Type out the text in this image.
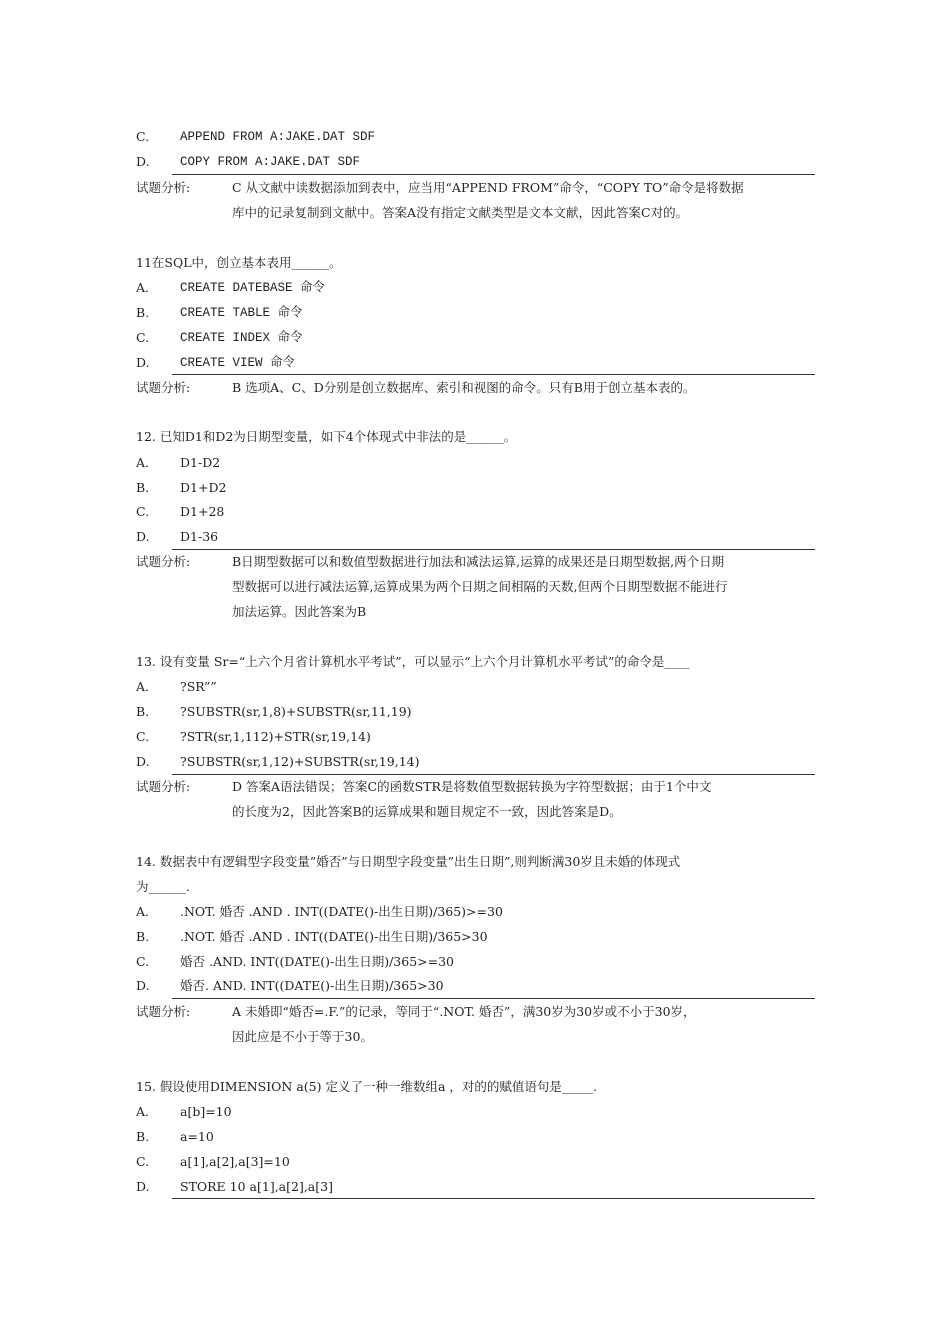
C. APPEND FROM A:JAKE.DAT SDF
D. COPY FROM A:JAKE.DAT SDF
试题分析:	C 从文献中读数据添加到表中，应当用“APPEND FROM”命令，“COPY TO”命令是将数据
库中的记录复制到文献中。答案A没有指定文献类型是文本文献，因此答案C对的。
11在SQL中，创立基本表用______。
A. CREATE DATEBASE 命令
B. CREATE TABLE 命令
C. CREATE INDEX 命令
D. CREATE VIEW 命令
试题分析:	B 选项A、C、D分别是创立数据库、索引和视图的命令。只有B用于创立基本表的。
12. 已知D1和D2为日期型变量，如下4个体现式中非法的是______。
A. D1-D2
B. D1+D2
C. D1+28
D. D1-36
试题分析:	B日期型数据可以和数值型数据进行加法和减法运算,运算的成果还是日期型数据,两个日期
型数据可以进行减法运算,运算成果为两个日期之间相隔的天数,但两个日期型数据不能进行
加法运算。因此答案为B
13. 设有变量 Sr=“上六个月省计算机水平考试”，可以显示“上六个月计算机水平考试”的命令是____
A. ?SR””
B. ?SUBSTR(sr,1,8)+SUBSTR(sr,11,19)
C. ?STR(sr,1,112)+STR(sr,19,14)
D. ?SUBSTR(sr,1,12)+SUBSTR(sr,19,14)
试题分析:	D 答案A语法错误；答案C的函数STR是将数值型数据转换为字符型数据；由于1个中文
的长度为2，因此答案B的运算成果和题目规定不一致，因此答案是D。
14. 数据表中有逻辑型字段变量”婚否”与日期型字段变量”出生日期”,则判断满30岁且未婚的体现式
为______.
A. .NOT. 婚否 .AND . INT((DATE()-出生日期)/365)>=30
B. .NOT. 婚否 .AND . INT((DATE()-出生日期)/365>30
C. 婚否 .AND. INT((DATE()-出生日期)/365>=30
D. 婚否. AND. INT((DATE()-出生日期)/365>30
试题分析:	A 未婚即“婚否=.F.”的记录，等同于“.NOT. 婚否”，满30岁为30岁或不小于30岁，
因此应是不小于等于30。
15. 假设使用DIMENSION a(5) 定义了一种一维数组a ，对的的赋值语句是_____.
A. a[b]=10
B. a=10
C. a[1],a[2],a[3]=10
D. STORE 10 a[1],a[2],a[3]
